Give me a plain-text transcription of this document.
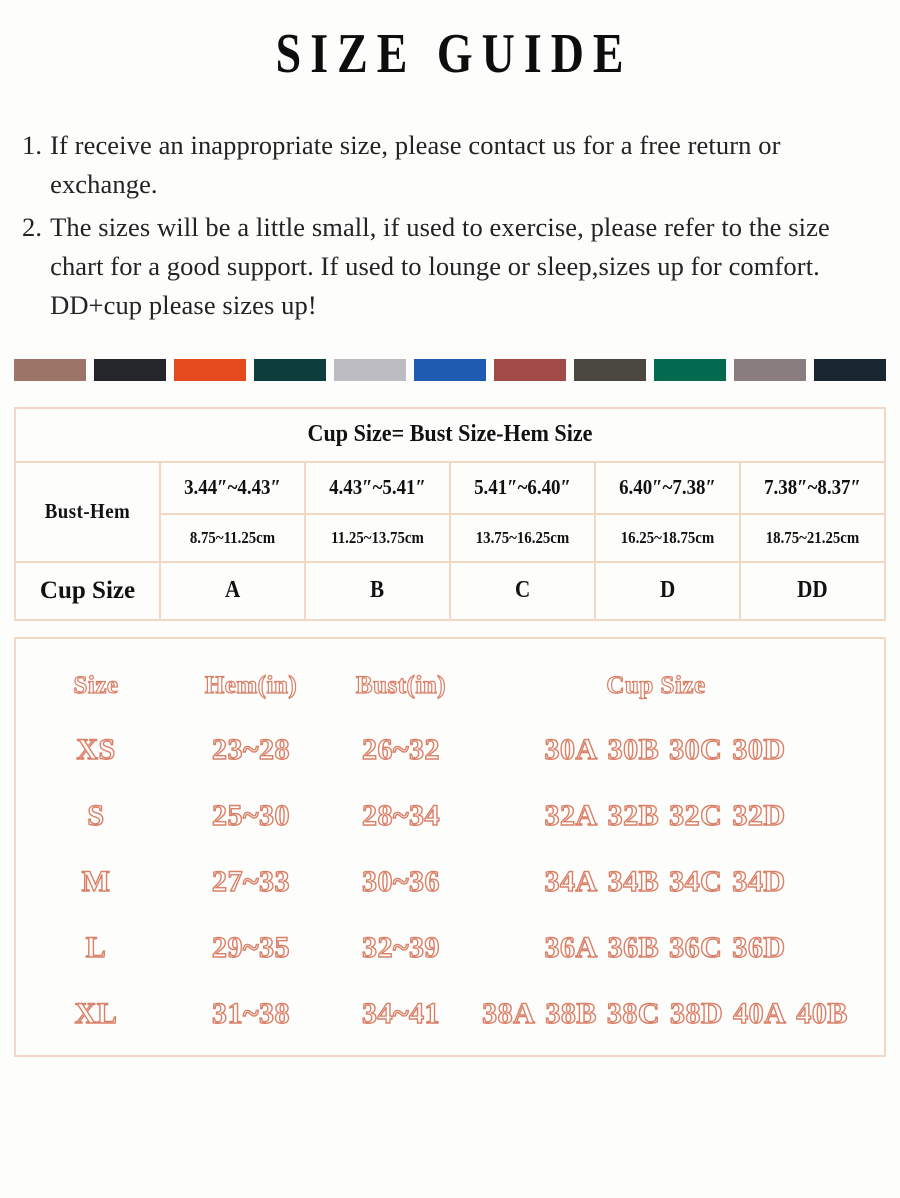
SIZE GUIDE
1. If receive an inappropriate size, please contact us for a free return or exchange.
2. The sizes will be a little small, if used to exercise, please refer to the size chart for a good support. If used to lounge or sleep,sizes up for comfort. DD+cup please sizes up!
Cup Size= Bust Size-Hem Size					
Bust-Hem	3.44″~4.43″	4.43″~5.41″	5.41″~6.40″	6.40″~7.38″	7.38″~8.37″
	8.75~11.25cm	11.25~13.75cm	13.75~16.25cm	16.25~18.75cm	18.75~21.25cm
Cup Size	A	B	C	D	DD
Size	Hem(in)	Bust(in)	Cup Size
XS	23~28	26~32	30A 30B 30C 30D
S	25~30	28~34	32A 32B 32C 32D
M	27~33	30~36	34A 34B 34C 34D
L	29~35	32~39	36A 36B 36C 36D
XL	31~38	34~41	38A 38B 38C 38D 40A 40B
